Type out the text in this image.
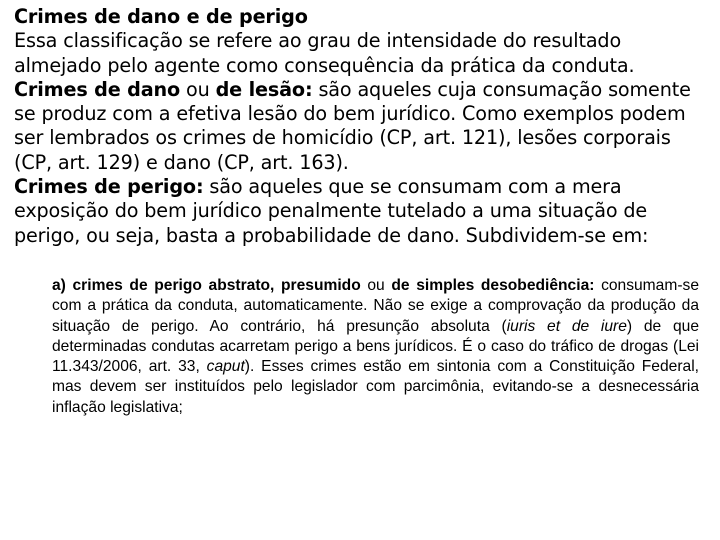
Crimes de dano e de perigo

Essa classificação se refere ao grau de intensidade do resultado almejado pelo agente como consequência da prática da conduta.

Crimes de dano ou de lesão: são aqueles cuja consumação somente se produz com a efetiva lesão do bem jurídico. Como exemplos podem ser lembrados os crimes de homicídio (CP, art. 121), lesões corporais (CP, art. 129) e dano (CP, art. 163).

Crimes de perigo: são aqueles que se consumam com a mera exposição do bem jurídico penalmente tutelado a uma situação de perigo, ou seja, basta a probabilidade de dano. Subdividem-se em:

a) crimes de perigo abstrato, presumido ou de simples desobediência: consumam-se com a prática da conduta, automaticamente. Não se exige a comprovação da produção da situação de perigo. Ao contrário, há presunção absoluta (iuris et de iure) de que determinadas condutas acarretam perigo a bens jurídicos. É o caso do tráfico de drogas (Lei 11.343/2006, art. 33, caput). Esses crimes estão em sintonia com a Constituição Federal, mas devem ser instituídos pelo legislador com parcimônia, evitando-se a desnecessária inflação legislativa;
